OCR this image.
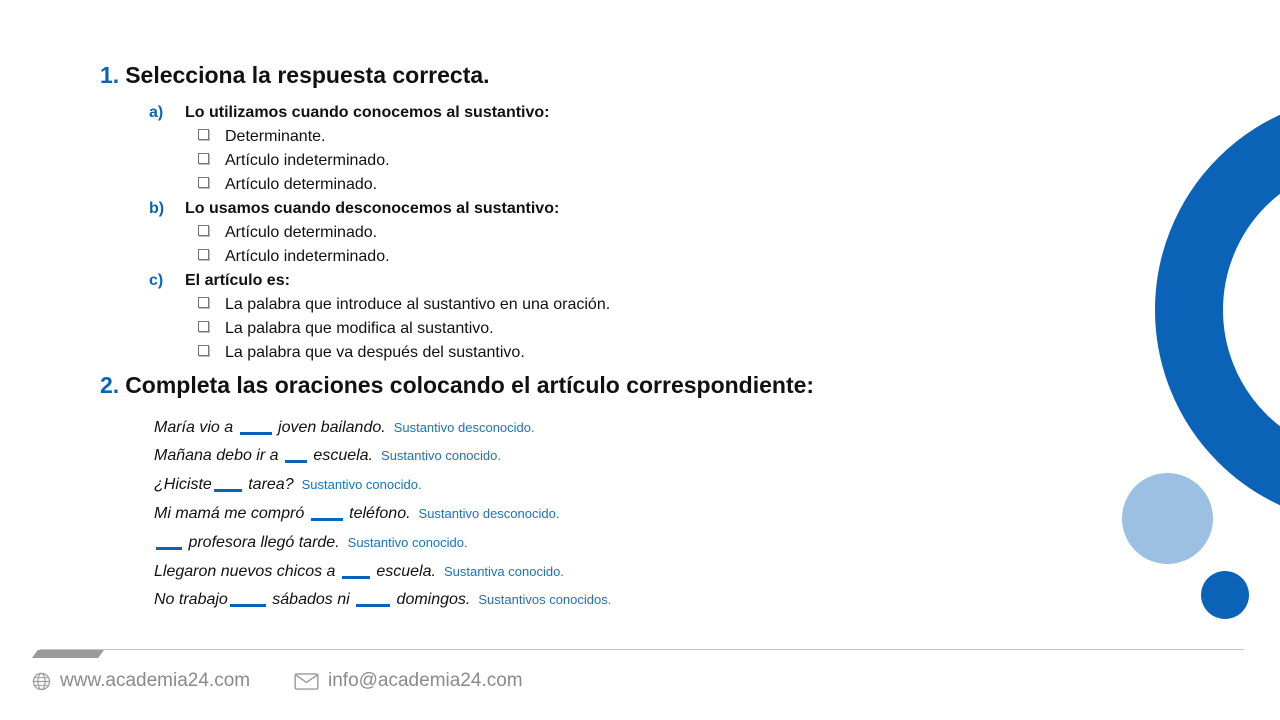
1. Selecciona la respuesta correcta.
a) Lo utilizamos cuando conocemos al sustantivo:
Determinante.
Artículo indeterminado.
Artículo determinado.
b) Lo usamos cuando desconocemos al sustantivo:
Artículo determinado.
Artículo indeterminado.
c) El artículo es:
La palabra que introduce al sustantivo en una oración.
La palabra que modifica al sustantivo.
La palabra que va después del sustantivo.
2. Completa las oraciones colocando el artículo correspondiente:
María vio a  joven bailando. Sustantivo desconocido.
Mañana debo ir a  escuela. Sustantivo conocido.
¿Hiciste tarea? Sustantivo conocido.
Mi mamá me compró  teléfono. Sustantivo desconocido.
profesora llegó tarde. Sustantivo conocido.
Llegaron nuevos chicos a  escuela. Sustantiva conocido.
No trabajo	sábados ni  domingos. Sustantivos conocidos.
www.academia24.com	info@academia24.com
